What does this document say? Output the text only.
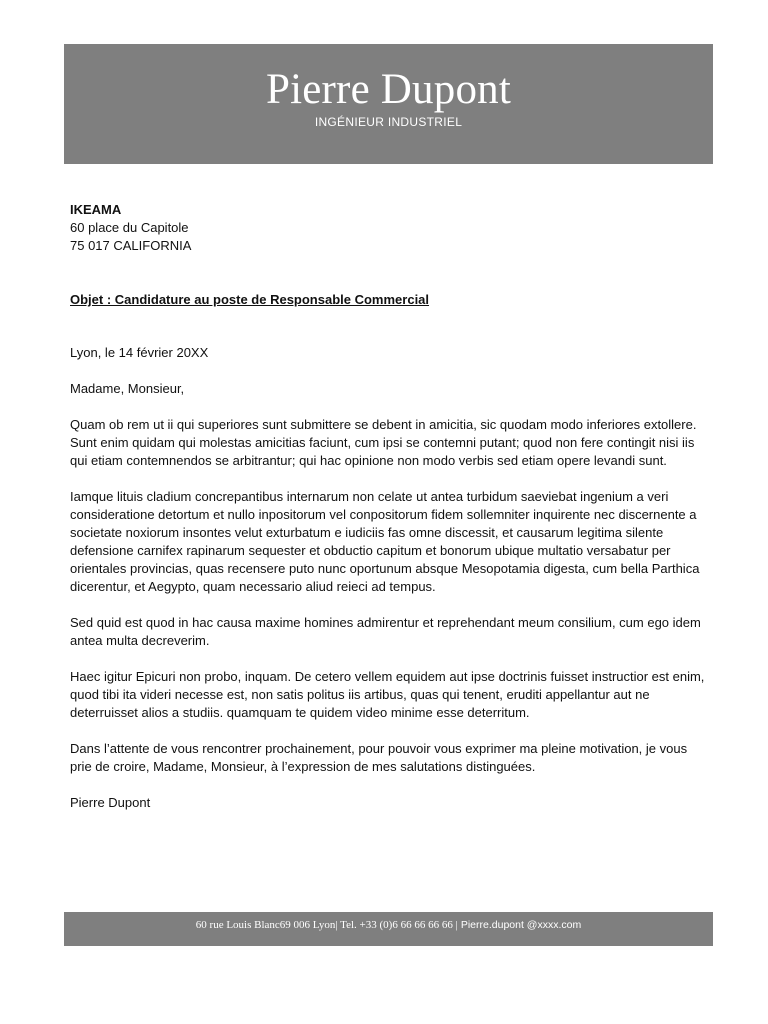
Pierre Dupont
INGÉNIEUR INDUSTRIEL

IKEAMA

60 place du Capitole

75 017 CALIFORNIA

Objet : Candidature au poste de Responsable Commercial

Lyon, le 14 février 20XX

Madame, Monsieur,

Quam ob rem ut ii qui superiores sunt submittere se debent in amicitia, sic quodam modo inferiores extollere. Sunt enim quidam qui molestas amicitias faciunt, cum ipsi se contemni putant; quod non fere contingit nisi iis qui etiam contemnendos se arbitrantur; qui hac opinione non modo verbis sed etiam opere levandi sunt.

Iamque lituis cladium concrepantibus internarum non celate ut antea turbidum saeviebat ingenium a veri consideratione detortum et nullo inpositorum vel conpositorum fidem sollemniter inquirente nec discernente a societate noxiorum insontes velut exturbatum e iudiciis fas omne discessit, et causarum legitima silente defensione carnifex rapinarum sequester et obductio capitum et bonorum ubique multatio versabatur per orientales provincias, quas recensere puto nunc oportunum absque Mesopotamia digesta, cum bella Parthica dicerentur, et Aegypto, quam necessario aliud reieci ad tempus.

Sed quid est quod in hac causa maxime homines admirentur et reprehendant meum consilium, cum ego idem antea multa decreverim.

Haec igitur Epicuri non probo, inquam. De cetero vellem equidem aut ipse doctrinis fuisset instructior est enim, quod tibi ita videri necesse est, non satis politus iis artibus, quas qui tenent, eruditi appellantur aut ne deterruisset alios a studiis. quamquam te quidem video minime esse deterritum.

Dans l’attente de vous rencontrer prochainement, pour pouvoir vous exprimer ma pleine motivation, je vous prie de croire, Madame, Monsieur, à l’expression de mes salutations distinguées.

Pierre Dupont

60 rue Louis Blanc69 006 Lyon| Tel. +33 (0)6 66 66 66 66 | Pierre.dupont @xxxx.com
